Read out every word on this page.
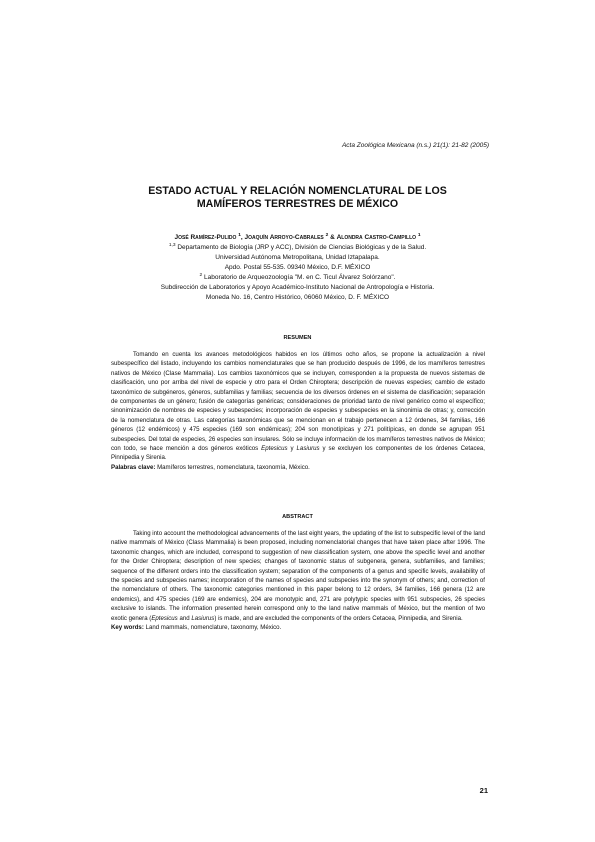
Acta Zoológica Mexicana (n.s.) 21(1): 21-82 (2005)
ESTADO ACTUAL Y RELACIÓN NOMENCLATURAL DE LOS
MAMÍFEROS TERRESTRES DE MÉXICO
José Ramírez-Pulido $^1$, Joaquín Arroyo-Cabrales $^2$ & Alondra Castro-Campillo $^1$
$^{1,3}$ Departamento de Biología (JRP y ACC), División de Ciencias Biológicas y de la Salud.
Universidad Autónoma Metropolitana, Unidad Iztapalapa.
Apdo. Postal 55-535. 09340 México, D.F. MÉXICO
$^2$ Laboratorio de Arqueozoología "M. en C. Ticul Álvarez Solórzano".
Subdirección de Laboratorios y Apoyo Académico-Instituto Nacional de Antropología e Historia.
Moneda No. 16, Centro Histórico, 06060 México, D. F. MÉXICO
RESUMEN

Tomando en cuenta los avances metodológicos habidos en los últimos ocho años, se propone la actualización a nivel subespecífico del listado, incluyendo los cambios nomenclaturales que se han producido después de 1996, de los mamíferos terrestres nativos de México (Clase Mammalia). Los cambios taxonómicos que se incluyen, corresponden a la propuesta de nuevos sistemas de clasificación, uno por arriba del nivel de especie y otro para el Orden Chiroptera; descripción de nuevas especies; cambio de estado taxonómico de subgéneros, géneros, subfamilias y familias; secuencia de los diversos órdenes en el sistema de clasificación; separación de componentes de un género; fusión de categorías genéricas; consideraciones de prioridad tanto de nivel genérico como el específico; sinonimización de nombres de especies y subespecies; incorporación de especies y subespecies en la sinonimia de otras; y, corrección de la nomenclatura de otras. Las categorías taxonómicas que se mencionan en el trabajo pertenecen a 12 órdenes, 34 familias, 166 géneros (12 endémicos) y 475 especies (169 son endémicas); 204 son monotípicas y 271 politípicas, en donde se agrupan 951 subespecies. Del total de especies, 26 especies son insulares. Sólo se incluye información de los mamíferos terrestres nativos de México; con todo, se hace mención a dos géneros exóticos Eptesicus y Lasiurus y se excluyen los componentes de los órdenes Cetacea, Pinnipedia y Sirenia.

Palabras clave: Mamíferos terrestres, nomenclatura, taxonomía, México.

ABSTRACT

Taking into account the methodological advancements of the last eight years, the updating of the list to subspecific level of the land native mammals of México (Class Mammalia) is been proposed, including nomenclatorial changes that have taken place after 1996. The taxonomic changes, which are included, correspond to suggestion of new classification system, one above the specific level and another for the Order Chiroptera; description of new species; changes of taxonomic status of subgenera, genera, subfamilies, and families; sequence of the different orders into the classification system; separation of the components of a genus and specific levels, availability of the species and subspecies names; incorporation of the names of species and subspecies into the synonym of others; and, correction of the nomenclature of others. The taxonomic categories mentioned in this paper belong to 12 orders, 34 families, 166 genera (12 are endemics), and 475 species (169 are endemics), 204 are monotypic and, 271 are polytypic species with 951 subspecies, 26 species exclusive to islands. The information presented herein correspond only to the land native mammals of México, but the mention of two exotic genera (Eptesicus and Lasiurus) is made, and are excluded the components of the orders Cetacea, Pinnipedia, and Sirenia.

Key words: Land mammals, nomenclature, taxonomy, México.

21
